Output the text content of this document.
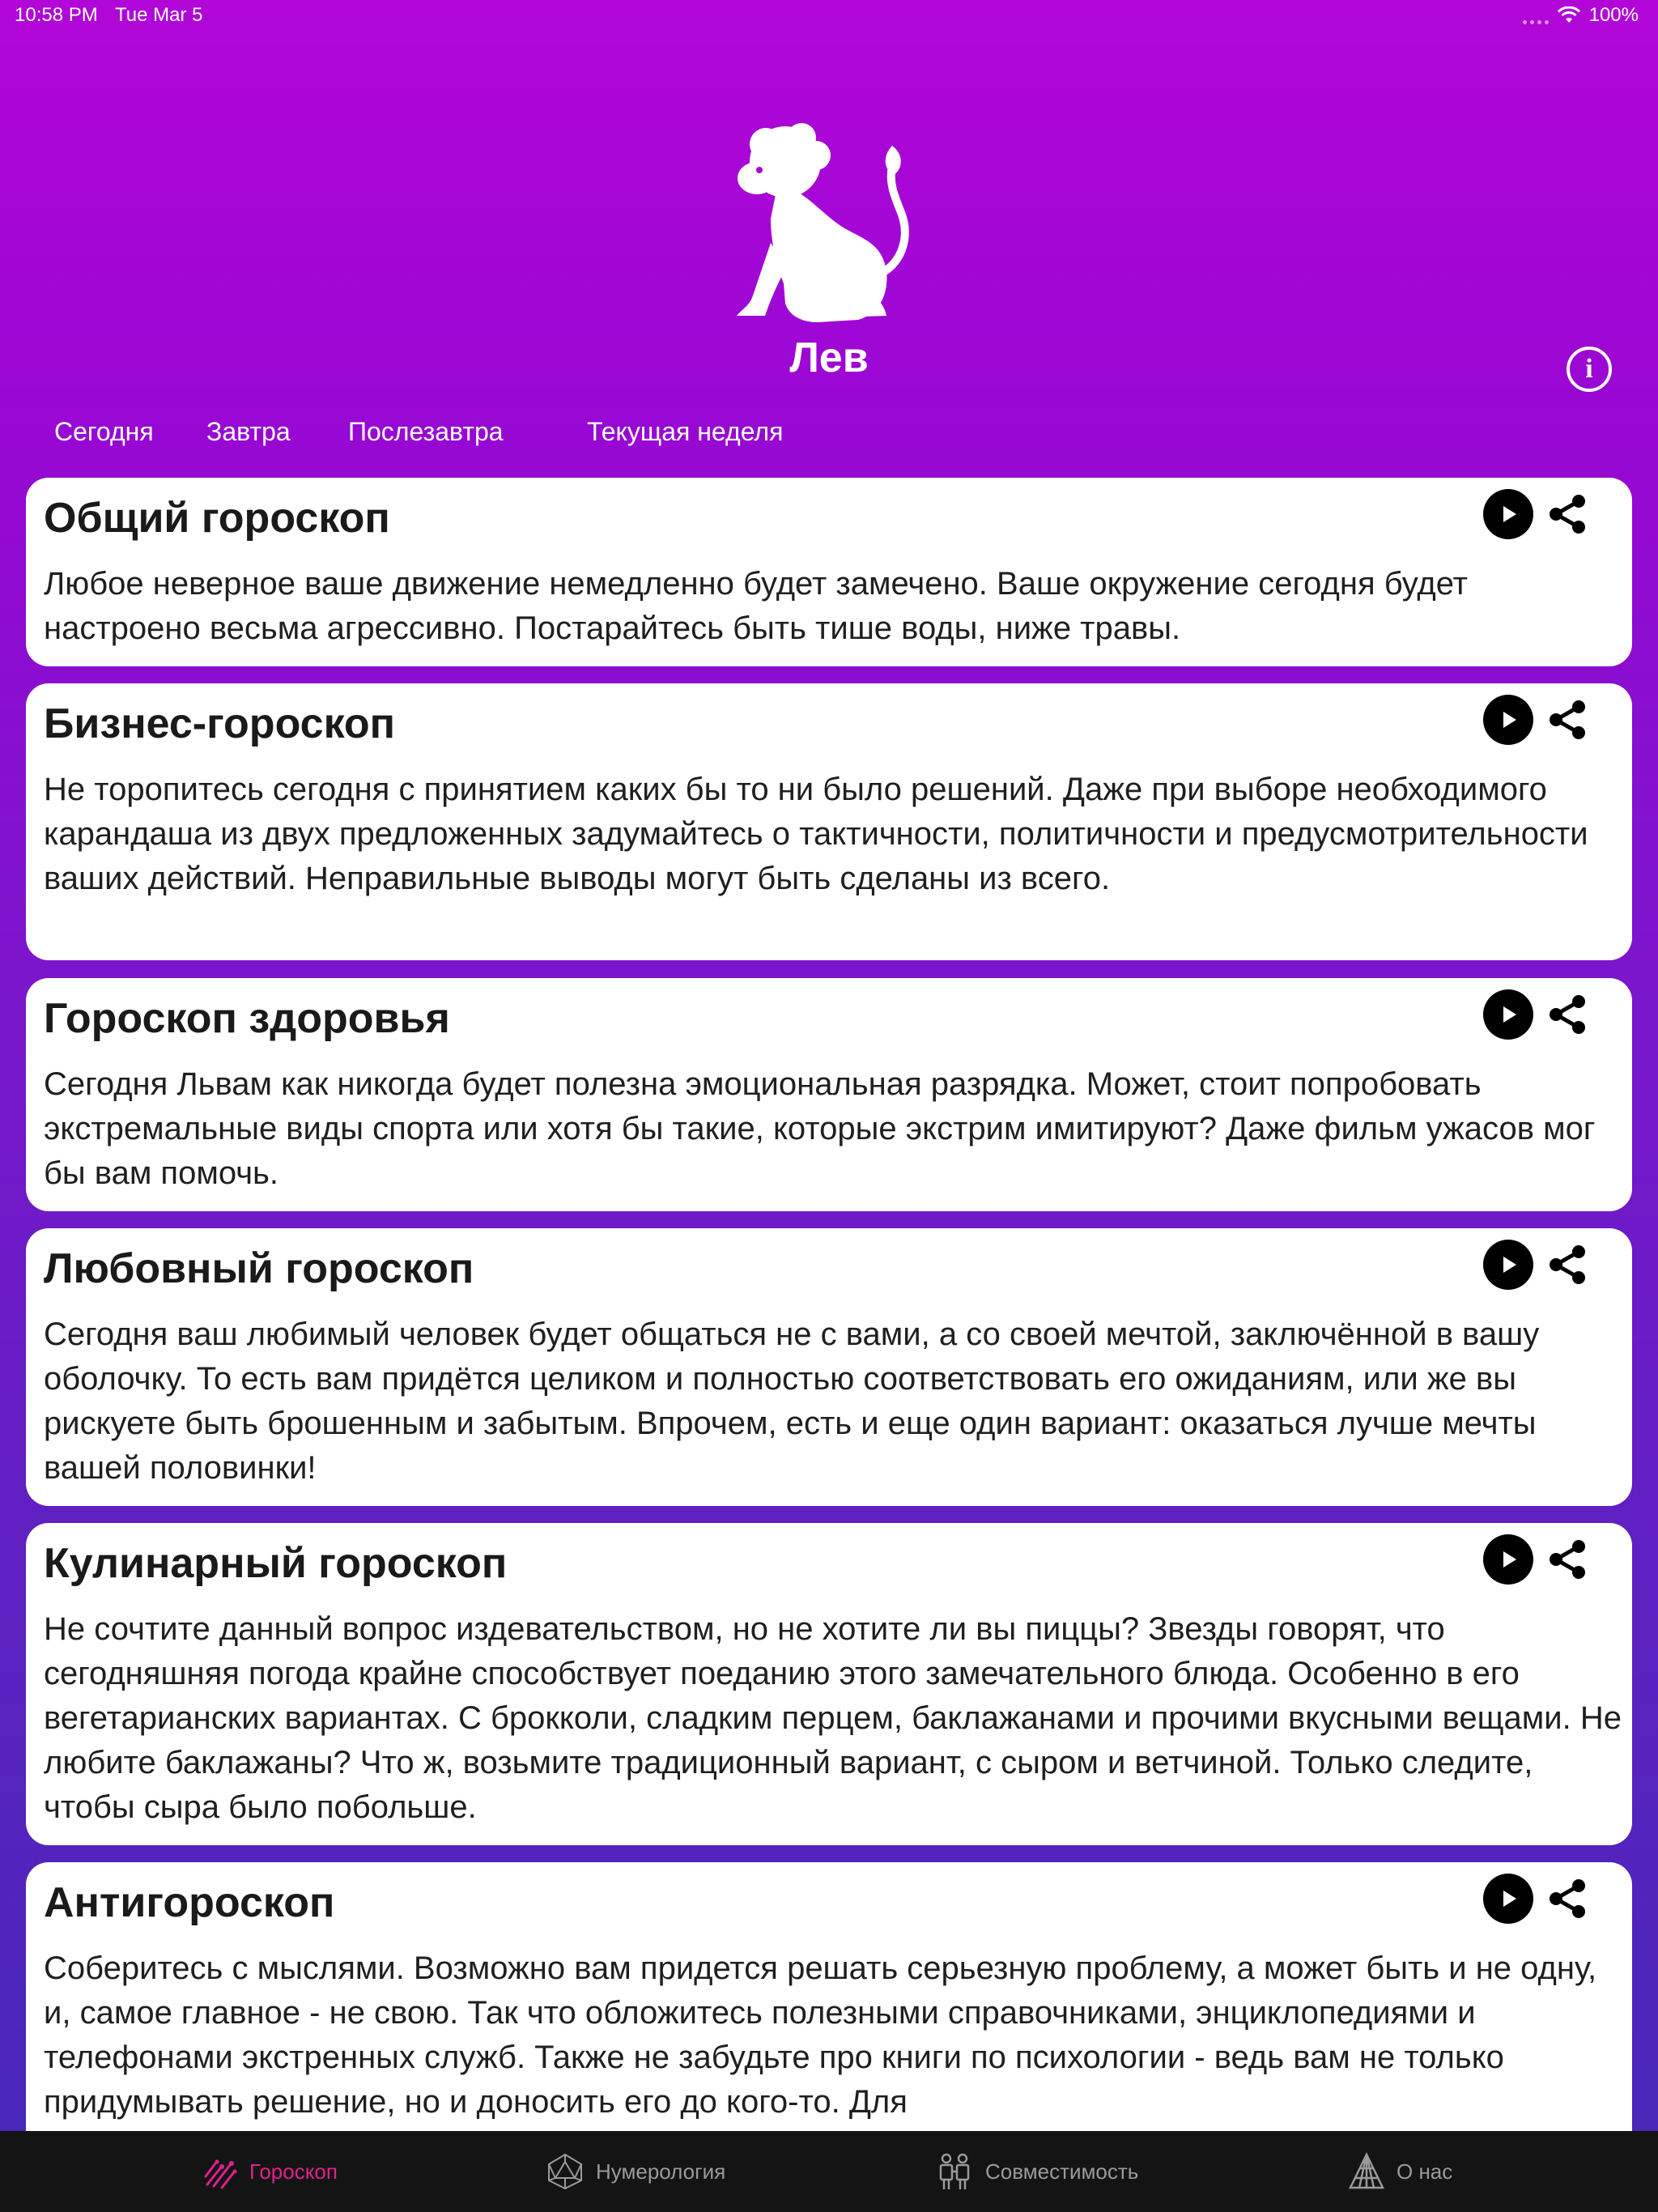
10:58 PM Tue Mar 5	100%
Лев	i
Сегодня Завтра Послезавтра	Текущая неделя
Общий гороскоп
Любое неверное ваше движение немедленно будет замечено. Ваше окружение сегодня будет настроено весьма агрессивно. Постарайтесь быть тише воды, ниже травы.
Бизнес-гороскоп
Не торопитесь сегодня с принятием каких бы то ни было решений. Даже при выборе необходимого карандаша из двух предложенных задумайтесь о тактичности, политичности и предусмотрительности ваших действий. Неправильные выводы могут быть сделаны из всего.
Гороскоп здоровья
Сегодня Львам как никогда будет полезна эмоциональная разрядка. Может, стоит попробовать экстремальные виды спорта или хотя бы такие, которые экстрим имитируют? Даже фильм ужасов мог бы вам помочь.
Любовный гороскоп
Сегодня ваш любимый человек будет общаться не с вами, а со своей мечтой, заключённой в вашу оболочку. То есть вам придётся целиком и полностью соответствовать его ожиданиям, или же вы рискуете быть брошенным и забытым. Впрочем, есть и еще один вариант: оказаться лучше мечты вашей половинки!
Кулинарный гороскоп
Не сочтите данный вопрос издевательством, но не хотите ли вы пиццы? Звезды говорят, что сегодняшняя погода крайне способствует поеданию этого замечательного блюда. Особенно в его вегетарианских вариантах. С брокколи, сладким перцем, баклажанами и прочими вкусными вещами. Не любите баклажаны? Что ж, возьмите традиционный вариант, с сыром и ветчиной. Только следите, чтобы сыра было побольше.
Антигороскоп
Соберитесь с мыслями. Возможно вам придется решать серьезную проблему, а может быть и не одну, и, самое главное - не свою. Так что обложитесь полезными справочниками, энциклопедиями и телефонами экстренных служб. Также не забудьте про книги по психологии - ведь вам не только придумывать решение, но и доносить его до кого-то. Для
Гороскоп	Нумерология	Совместимость	О нас
